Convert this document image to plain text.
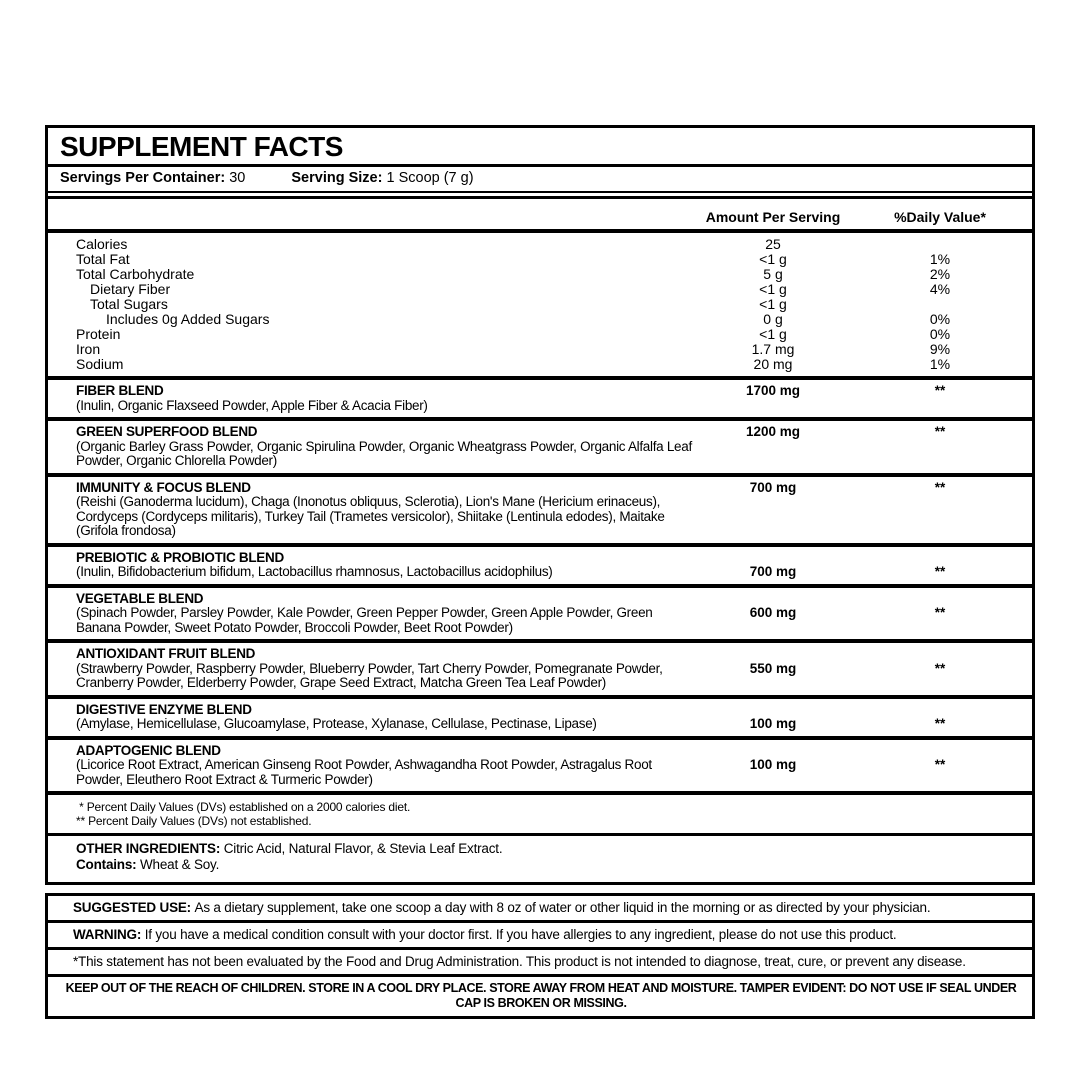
SUPPLEMENT FACTS
Servings Per Container: 30	Serving Size: 1 Scoop (7 g)
Amount Per Serving	%Daily Value*
Calories	25
Total Fat	<1 g	1%
Total Carbohydrate	5 g	2%
Dietary Fiber	<1 g	4%
Total Sugars	<1 g
Includes 0g Added Sugars	0 g	0%
Protein	<1 g	0%
Iron	1.7 mg	9%
Sodium	20 mg	1%
FIBER BLEND	1700 mg	**
(Inulin, Organic Flaxseed Powder, Apple Fiber & Acacia Fiber)
GREEN SUPERFOOD BLEND	1200 mg	**
(Organic Barley Grass Powder, Organic Spirulina Powder, Organic Wheatgrass Powder, Organic Alfalfa Leaf Powder, Organic Chlorella Powder)
IMMUNITY & FOCUS BLEND	700 mg	**
(Reishi (Ganoderma lucidum), Chaga (Inonotus obliquus, Sclerotia), Lion's Mane (Hericium erinaceus), Cordyceps (Cordyceps militaris), Turkey Tail (Trametes versicolor), Shiitake (Lentinula edodes), Maitake (Grifola frondosa)
PREBIOTIC & PROBIOTIC BLEND
(Inulin, Bifidobacterium bifidum, Lactobacillus rhamnosus, Lactobacillus acidophilus)	700 mg	**
VEGETABLE BLEND
(Spinach Powder, Parsley Powder, Kale Powder, Green Pepper Powder, Green Apple Powder, Green Banana Powder, Sweet Potato Powder, Broccoli Powder, Beet Root Powder)
600 mg	**
ANTIOXIDANT FRUIT BLEND
(Strawberry Powder, Raspberry Powder, Blueberry Powder, Tart Cherry Powder, Pomegranate Powder, Cranberry Powder, Elderberry Powder, Grape Seed Extract, Matcha Green Tea Leaf Powder)
550 mg	**
DIGESTIVE ENZYME BLEND
(Amylase, Hemicellulase, Glucoamylase, Protease, Xylanase, Cellulase, Pectinase, Lipase)	100 mg	**
ADAPTOGENIC BLEND
(Licorice Root Extract, American Ginseng Root Powder, Ashwagandha Root Powder, Astragalus Root Powder, Eleuthero Root Extract & Turmeric Powder)
100 mg	**
* Percent Daily Values (DVs) established on a 2000 calories diet.
** Percent Daily Values (DVs) not established.
OTHER INGREDIENTS: Citric Acid, Natural Flavor, & Stevia Leaf Extract.
Contains: Wheat & Soy.
SUGGESTED USE: As a dietary supplement, take one scoop a day with 8 oz of water or other liquid in the morning or as directed by your physician.
WARNING: If you have a medical condition consult with your doctor first. If you have allergies to any ingredient, please do not use this product.
*This statement has not been evaluated by the Food and Drug Administration. This product is not intended to diagnose, treat, cure, or prevent any disease.
KEEP OUT OF THE REACH OF CHILDREN. STORE IN A COOL DRY PLACE. STORE AWAY FROM HEAT AND MOISTURE. TAMPER EVIDENT: DO NOT USE IF SEAL UNDER CAP IS BROKEN OR MISSING.
